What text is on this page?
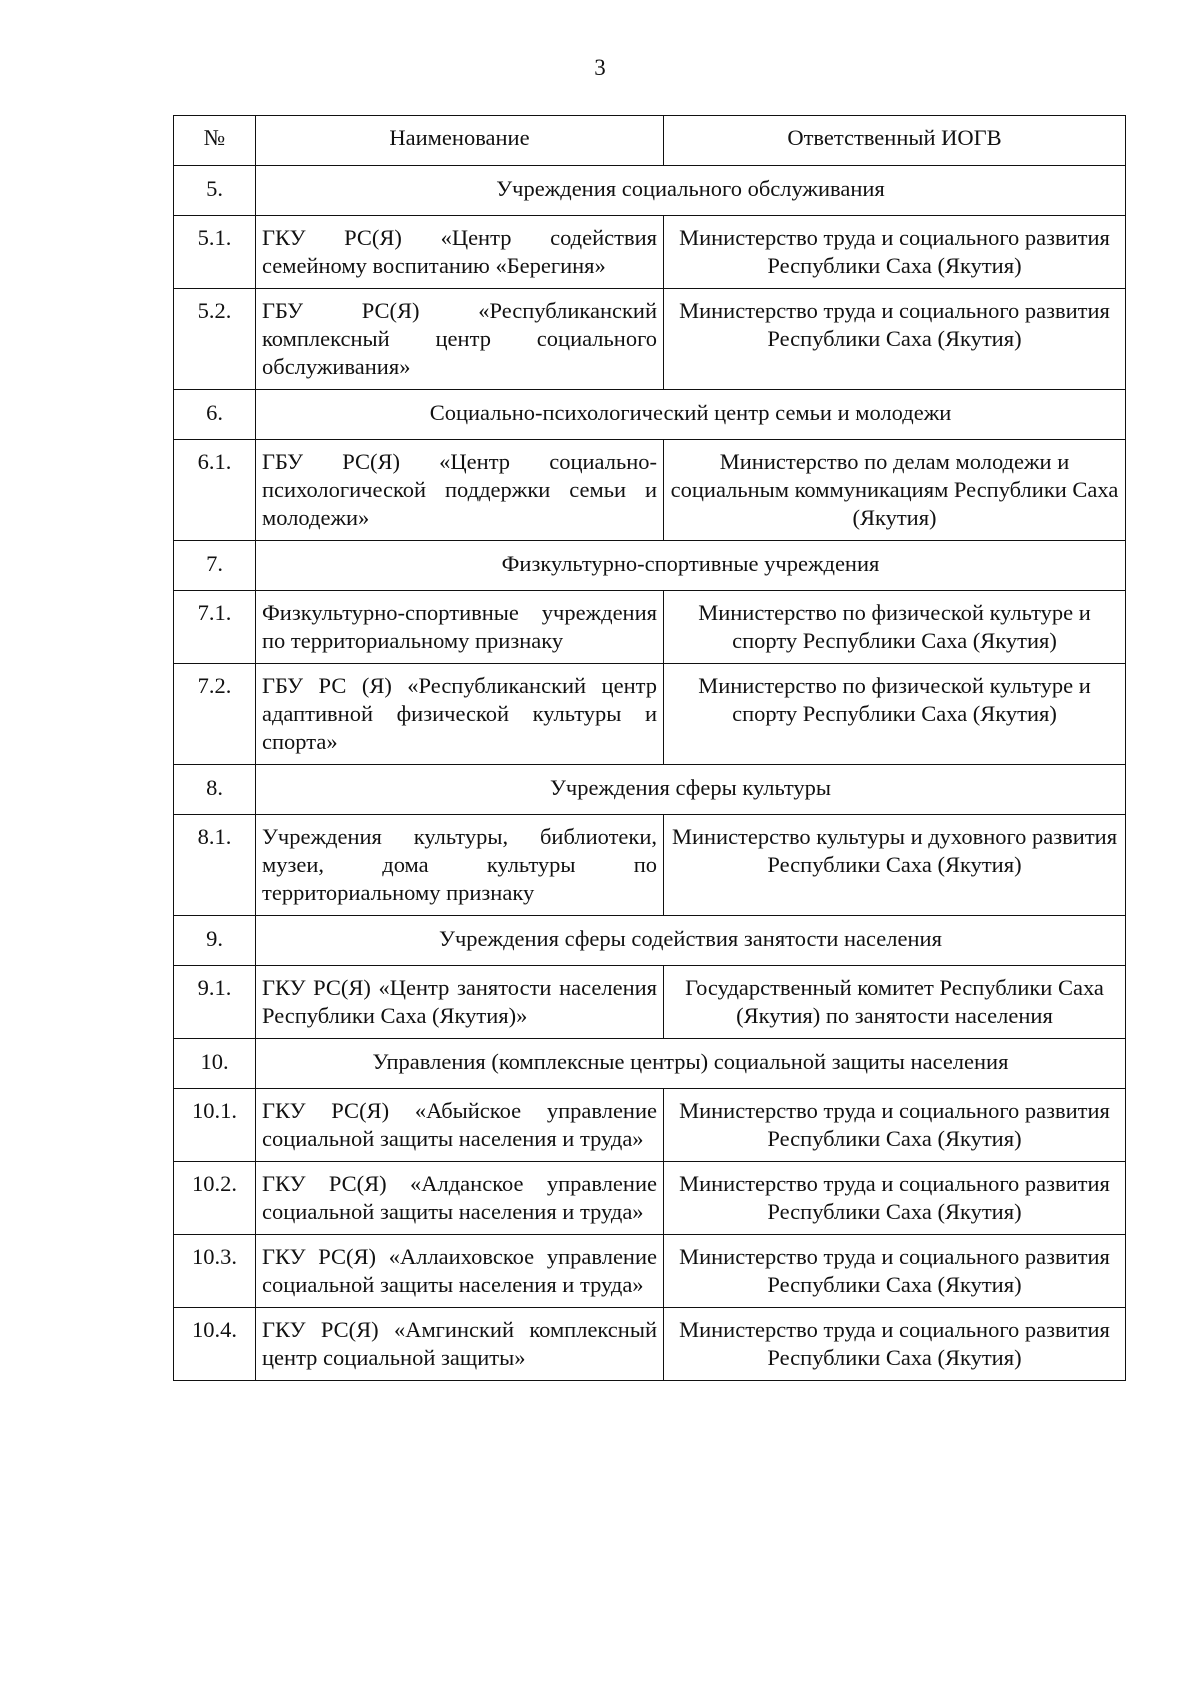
3
№	Наименование	Ответственный ИОГВ
5.	Учреждения социального обслуживания	
5.1.	ГКУ РС(Я) «Центр содействия семейному воспитанию «Берегиня»	Министерство труда и социального развития Республики Саха (Якутия)
5.2.	ГБУ РС(Я) «Республиканский комплексный центр социального обслуживания»	Министерство труда и социального развития Республики Саха (Якутия)
6.	Социально-психологический центр семьи и молодежи	
6.1.	ГБУ РС(Я) «Центр социально-психологической поддержки семьи и молодежи»	Министерство по делам молодежи и социальным коммуникациям Республики Саха (Якутия)
7.	Физкультурно-спортивные учреждения	
7.1.	Физкультурно-спортивные учреждения по территориальному признаку	Министерство по физической культуре и спорту Республики Саха (Якутия)
7.2.	ГБУ РС (Я) «Республиканский центр адаптивной физической культуры и спорта»	Министерство по физической культуре и спорту Республики Саха (Якутия)
8.	Учреждения сферы культуры	
8.1.	Учреждения культуры, библиотеки, музеи, дома культуры по территориальному признаку	Министерство культуры и духовного развития Республики Саха (Якутия)
9.	Учреждения сферы содействия занятости населения	
9.1.	ГКУ РС(Я) «Центр занятости населения Республики Саха (Якутия)»	Государственный комитет Республики Саха (Якутия) по занятости населения
10.	Управления (комплексные центры) социальной защиты населения	
10.1.	ГКУ РС(Я) «Абыйское управление социальной защиты населения и труда»	Министерство труда и социального развития Республики Саха (Якутия)
10.2.	ГКУ РС(Я) «Алданское управление социальной защиты населения и труда»	Министерство труда и социального развития Республики Саха (Якутия)
10.3.	ГКУ РС(Я) «Аллаиховское управление социальной защиты населения и труда»	Министерство труда и социального развития Республики Саха (Якутия)
10.4.	ГКУ РС(Я) «Амгинский комплексный центр социальной защиты»	Министерство труда и социального развития Республики Саха (Якутия)
